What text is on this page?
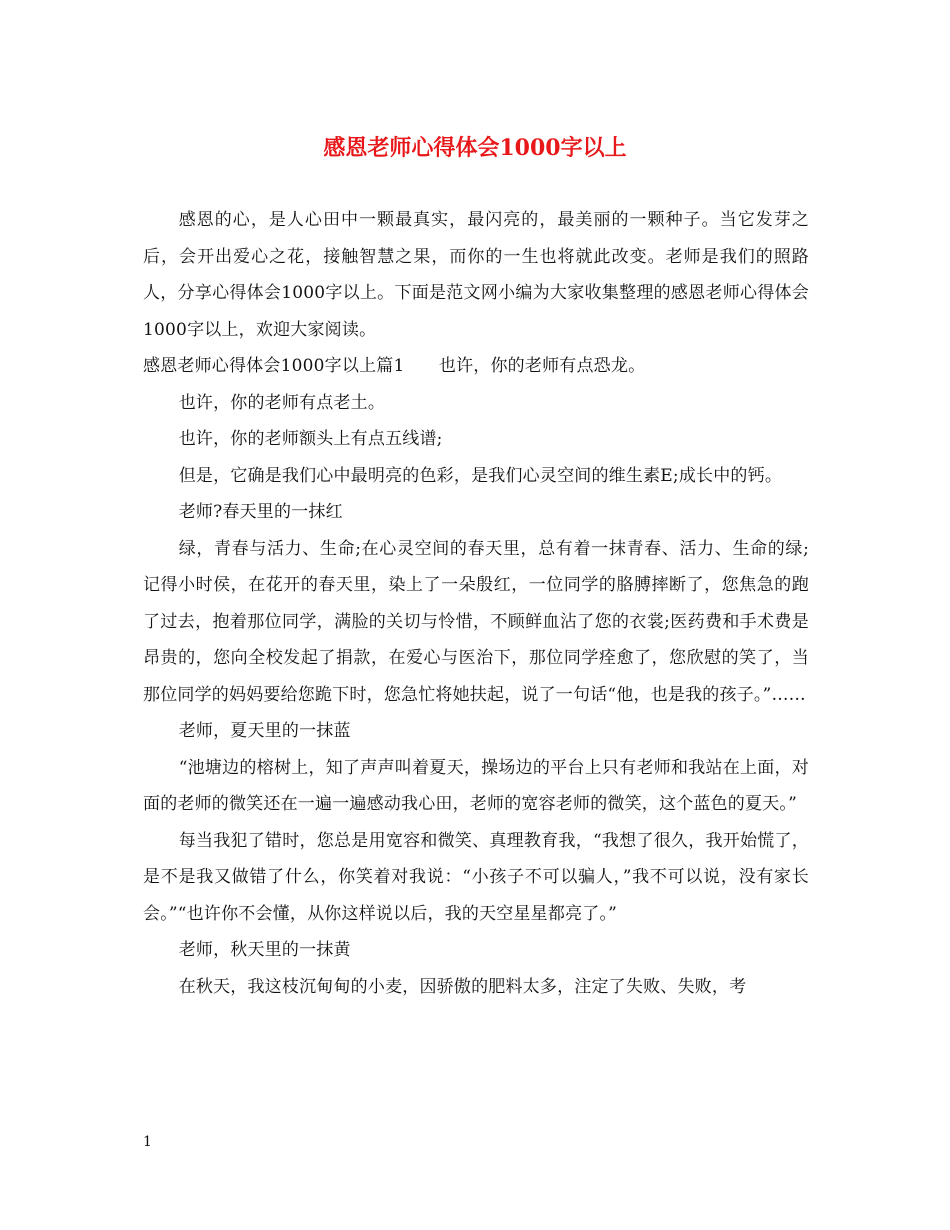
感恩老师心得体会1000字以上

感恩的心，是人心田中一颗最真实，最闪亮的，最美丽的一颗种子。当它发芽之后，会开出爱心之花，接触智慧之果，而你的一生也将就此改变。老师是我们的照路人，分享心得体会1000字以上。下面是范文网小编为大家收集整理的感恩老师心得体会1000字以上，欢迎大家阅读。

感恩老师心得体会1000字以上篇1　　也许，你的老师有点恐龙。

也许，你的老师有点老土。

也许，你的老师额头上有点五线谱;

但是，它确是我们心中最明亮的色彩，是我们心灵空间的维生素E;成长中的钙。

老师?春天里的一抹红

绿，青春与活力、生命;在心灵空间的春天里，总有着一抹青春、活力、生命的绿;记得小时侯，在花开的春天里，染上了一朵殷红，一位同学的胳膊摔断了，您焦急的跑了过去，抱着那位同学，满脸的关切与怜惜，不顾鲜血沾了您的衣裳;医药费和手术费是昂贵的，您向全校发起了捐款，在爱心与医治下，那位同学痊愈了，您欣慰的笑了，当那位同学的妈妈要给您跪下时，您急忙将她扶起，说了一句话“他，也是我的孩子。”……

老师，夏天里的一抹蓝

“池塘边的榕树上，知了声声叫着夏天，操场边的平台上只有老师和我站在上面，对面的老师的微笑还在一遍一遍感动我心田，老师的宽容老师的微笑，这个蓝色的夏天。”

每当我犯了错时，您总是用宽容和微笑、真理教育我，“我想了很久，我开始慌了，是不是我又做错了什么，你笑着对我说：“小孩子不可以骗人，”我不可以说，没有家长会。”“也许你不会懂，从你这样说以后，我的天空星星都亮了。”

老师，秋天里的一抹黄

在秋天，我这枝沉甸甸的小麦，因骄傲的肥料太多，注定了失败、失败，考

1
